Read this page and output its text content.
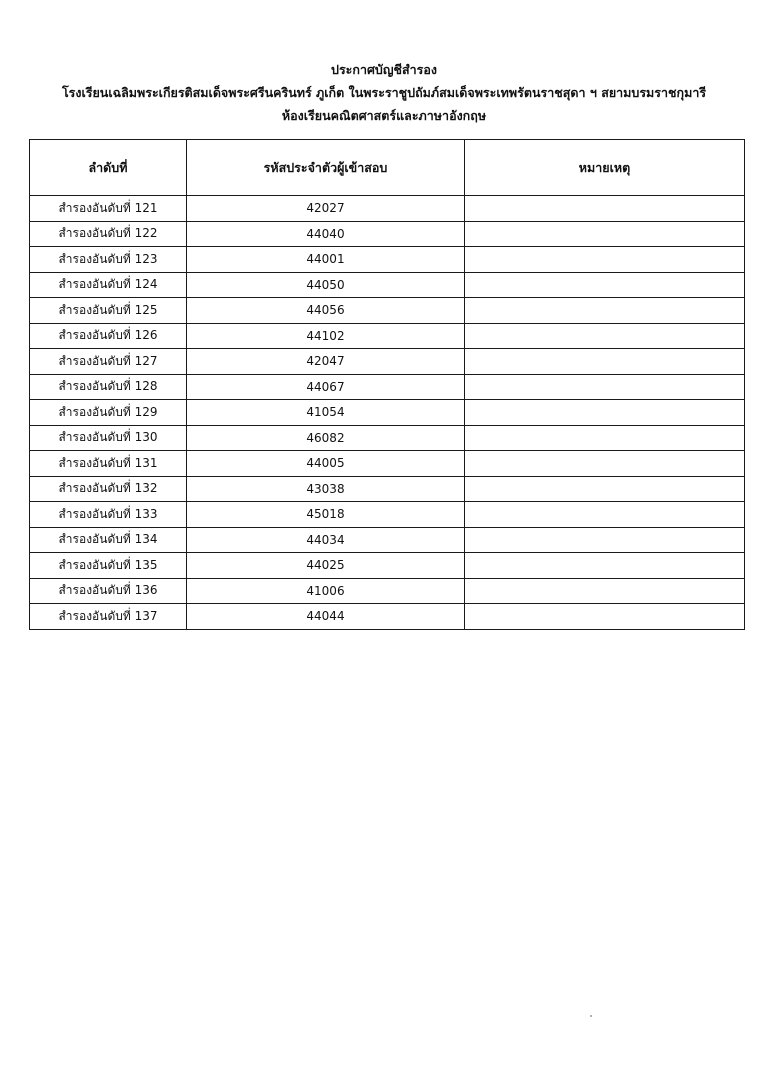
ประกาศบัญชีสำรอง
โรงเรียนเฉลิมพระเกียรติสมเด็จพระศรีนครินทร์ ภูเก็ต ในพระราชูปถัมภ์สมเด็จพระเทพรัตนราชสุดา ฯ สยามบรมราชกุมารี
ห้องเรียนคณิตศาสตร์และภาษาอังกฤษ
ลำดับที่	รหัสประจำตัวผู้เข้าสอบ	หมายเหตุ
สำรองอันดับที่ 121	42027	
สำรองอันดับที่ 122	44040	
สำรองอันดับที่ 123	44001	
สำรองอันดับที่ 124	44050	
สำรองอันดับที่ 125	44056	
สำรองอันดับที่ 126	44102	
สำรองอันดับที่ 127	42047	
สำรองอันดับที่ 128	44067	
สำรองอันดับที่ 129	41054	
สำรองอันดับที่ 130	46082	
สำรองอันดับที่ 131	44005	
สำรองอันดับที่ 132	43038	
สำรองอันดับที่ 133	45018	
สำรองอันดับที่ 134	44034	
สำรองอันดับที่ 135	44025	
สำรองอันดับที่ 136	41006	
สำรองอันดับที่ 137	44044	
